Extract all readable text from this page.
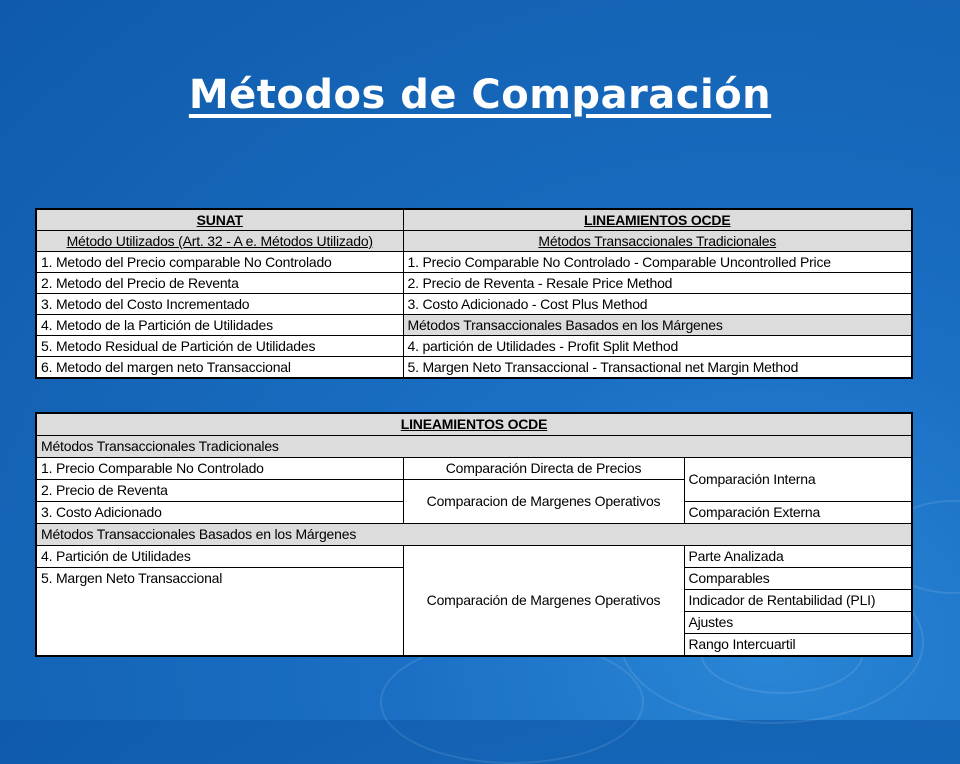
Métodos de Comparación
SUNAT	LINEAMIENTOS OCDE
Método Utilizados (Art. 32 - A e. Métodos Utilizado)	Métodos Transaccionales Tradicionales
1. Metodo del Precio comparable No Controlado	1. Precio Comparable No Controlado - Comparable Uncontrolled Price
2. Metodo del Precio de Reventa	2. Precio de Reventa - Resale Price Method
3. Metodo del Costo Incrementado	3. Costo Adicionado - Cost Plus Method
4. Metodo de la Partición de Utilidades	Métodos Transaccionales Basados en los Márgenes
5. Metodo Residual de Partición de Utilidades	4. partición de Utilidades - Profit Split Method
6. Metodo del margen neto Transaccional	5. Margen Neto Transaccional - Transactional net Margin Method
LINEAMIENTOS OCDE		
Métodos Transaccionales Tradicionales		
1. Precio Comparable No Controlado	Comparación Directa de Precios	Comparación Interna
2. Precio de Reventa	Comparacion de Margenes Operativos	
3. Costo Adicionado		Comparación Externa
Métodos Transaccionales Basados en los Márgenes		
4. Partición de Utilidades	Comparación de Margenes Operativos	Parte Analizada
5. Margen Neto Transaccional		Comparables
		Indicador de Rentabilidad (PLI)
		Ajustes
		Rango Intercuartil
